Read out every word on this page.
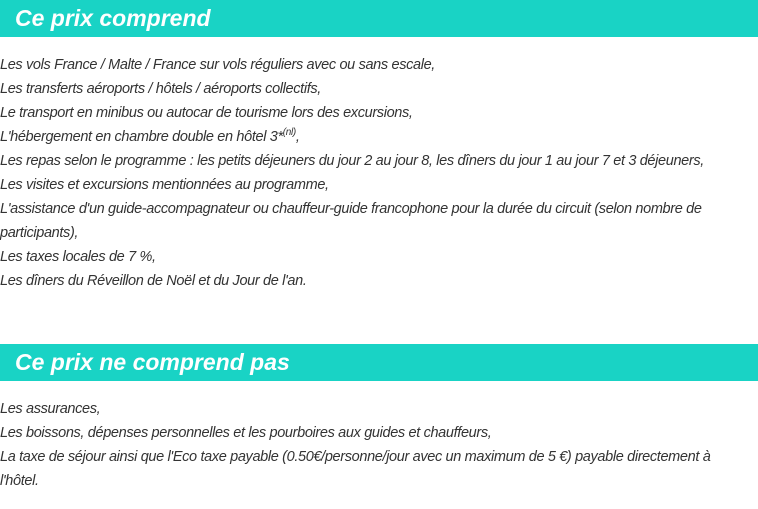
Ce prix comprend
Les vols France / Malte / France sur vols réguliers avec ou sans escale,
Les transferts aéroports / hôtels / aéroports collectifs,
Le transport en minibus ou autocar de tourisme lors des excursions,
L'hébergement en chambre double en hôtel 3*$^{(nl)}$,
Les repas selon le programme : les petits déjeuners du jour 2 au jour 8, les dîners du jour 1 au jour 7 et 3 déjeuners,
Les visites et excursions mentionnées au programme,
L'assistance d'un guide-accompagnateur ou chauffeur-guide francophone pour la durée du circuit (selon nombre de participants),
Les taxes locales de 7 %,
Les dîners du Réveillon de Noël et du Jour de l'an.
Ce prix ne comprend pas
Les assurances,
Les boissons, dépenses personnelles et les pourboires aux guides et chauffeurs,
La taxe de séjour ainsi que l'Eco taxe payable (0.50€/personne/jour avec un maximum de 5 €) payable directement à l'hôtel.
